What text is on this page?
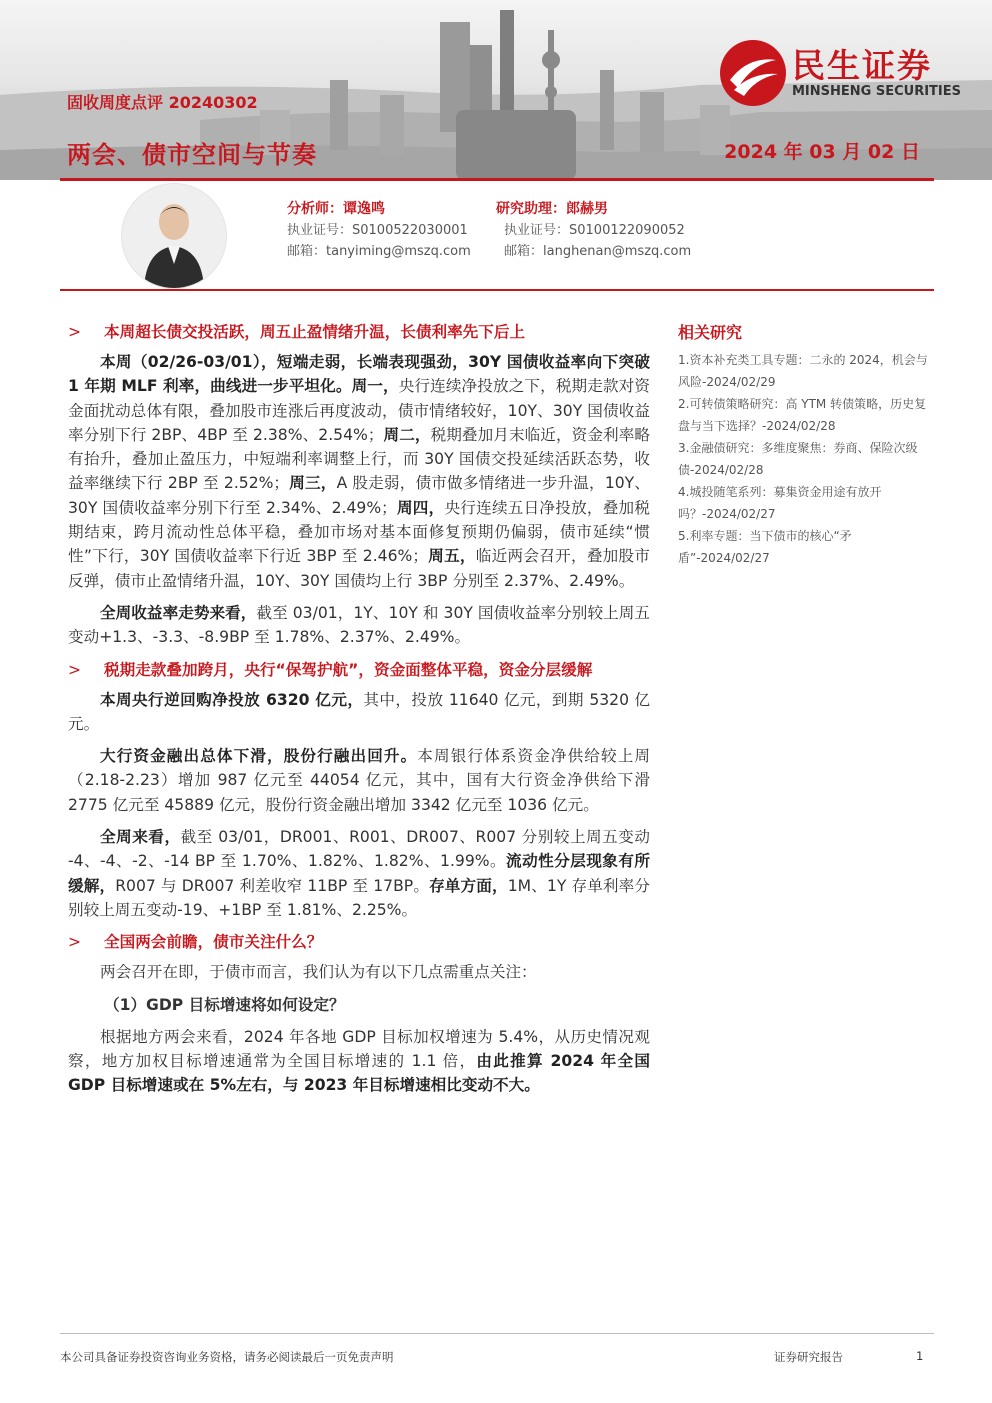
民生证券
MINSHENG SECURITIES
固收周度点评 20240302
两会、债市空间与节奏	2024 年 03 月 02 日
分析师：谭逸鸣
执业证号：S0100522030001
邮箱：tanyiming@mszq.com
研究助理：郎赫男
执业证号：S0100122090052
邮箱：langhenan@mszq.com
> 本周超长债交投活跃，周五止盈情绪升温，长债利率先下后上

本周（02/26-03/01），短端走弱，长端表现强劲，30Y 国债收益率向下突破 1 年期 MLF 利率，曲线进一步平坦化。周一，央行连续净投放之下，税期走款对资金面扰动总体有限，叠加股市连涨后再度波动，债市情绪较好，10Y、30Y 国债收益率分别下行 2BP、4BP 至 2.38%、2.54%；周二，税期叠加月末临近，资金利率略有抬升，叠加止盈压力，中短端利率调整上行，而 30Y 国债交投延续活跃态势，收益率继续下行 2BP 至 2.52%；周三，A 股走弱，债市做多情绪进一步升温，10Y、30Y 国债收益率分别下行至 2.34%、2.49%；周四，央行连续五日净投放，叠加税期结束，跨月流动性总体平稳，叠加市场对基本面修复预期仍偏弱，债市延续“惯性”下行，30Y 国债收益率下行近 3BP 至 2.46%；周五，临近两会召开，叠加股市反弹，债市止盈情绪升温，10Y、30Y 国债均上行 3BP 分别至 2.37%、2.49%。

全周收益率走势来看，截至 03/01，1Y、10Y 和 30Y 国债收益率分别较上周五变动+1.3、-3.3、-8.9BP 至 1.78%、2.37%、2.49%。

> 税期走款叠加跨月，央行“保驾护航”，资金面整体平稳，资金分层缓解

本周央行逆回购净投放 6320 亿元，其中，投放 11640 亿元，到期 5320 亿元。

大行资金融出总体下滑，股份行融出回升。本周银行体系资金净供给较上周（2.18-2.23）增加 987 亿元至 44054 亿元，其中，国有大行资金净供给下滑 2775 亿元至 45889 亿元，股份行资金融出增加 3342 亿元至 1036 亿元。

全周来看，截至 03/01，DR001、R001、DR007、R007 分别较上周五变动 -4、-4、-2、-14 BP 至 1.70%、1.82%、1.82%、1.99%。流动性分层现象有所缓解，R007 与 DR007 利差收窄 11BP 至 17BP。存单方面，1M、1Y 存单利率分别较上周五变动-19、+1BP 至 1.81%、2.25%。

> 全国两会前瞻，债市关注什么？

两会召开在即，于债市而言，我们认为有以下几点需重点关注：

（1）GDP 目标增速将如何设定？

根据地方两会来看，2024 年各地 GDP 目标加权增速为 5.4%，从历史情况观察，地方加权目标增速通常为全国目标增速的 1.1 倍，由此推算 2024 年全国 GDP 目标增速或在 5%左右，与 2023 年目标增速相比变动不大。

相关研究
1.资本补充类工具专题：二永的 2024，机会与风险-2024/02/29
2.可转债策略研究：高 YTM 转债策略，历史复盘与当下选择？-2024/02/28
3.金融债研究：多维度聚焦：券商、保险次级债-2024/02/28
4.城投随笔系列：募集资金用途有放开吗？-2024/02/27
5.利率专题：当下债市的核心“矛盾”-2024/02/27
本公司具备证券投资咨询业务资格，请务必阅读最后一页免责声明	证券研究报告	1
